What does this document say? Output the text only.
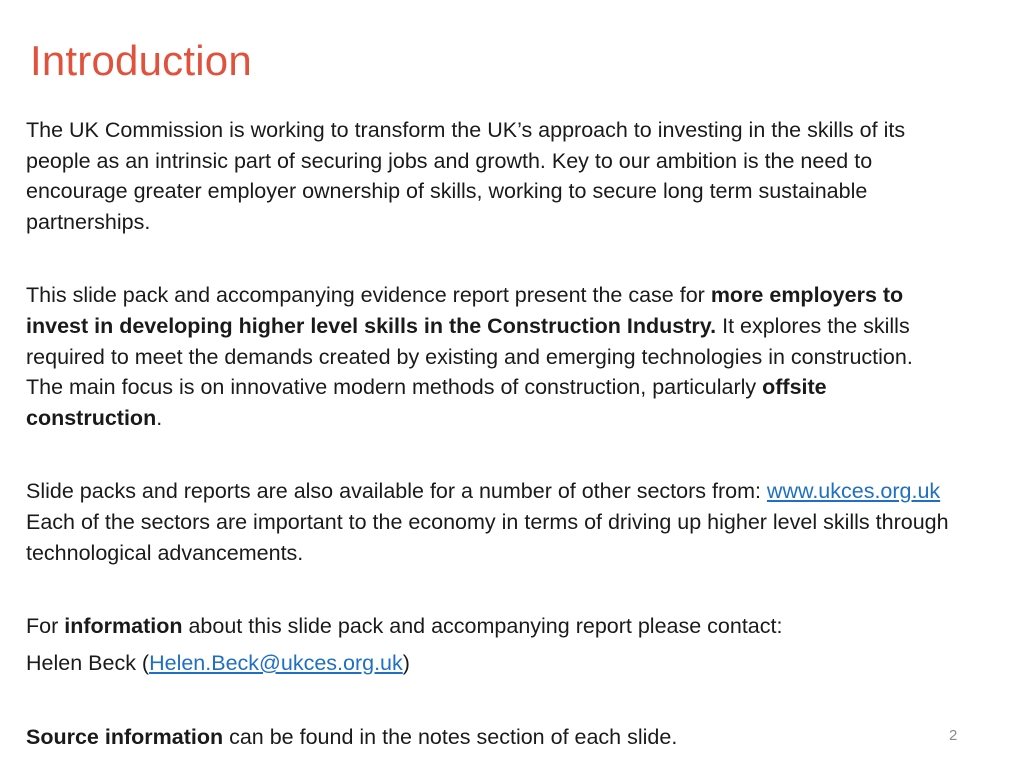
Introduction

The UK Commission is working to transform the UK’s approach to investing in the skills of its people as an intrinsic part of securing jobs and growth. Key to our ambition is the need to encourage greater employer ownership of skills, working to secure long term sustainable partnerships.

This slide pack and accompanying evidence report present the case for more employers to invest in developing higher level skills in the Construction Industry. It explores the skills required to meet the demands created by existing and emerging technologies in construction. The main focus is on innovative modern methods of construction, particularly offsite construction.

Slide packs and reports are also available for a number of other sectors from: www.ukces.org.uk Each of the sectors are important to the economy in terms of driving up higher level skills through technological advancements.

For information about this slide pack and accompanying report please contact:

Helen Beck (Helen.Beck@ukces.org.uk)

Source information can be found in the notes section of each slide.	2
